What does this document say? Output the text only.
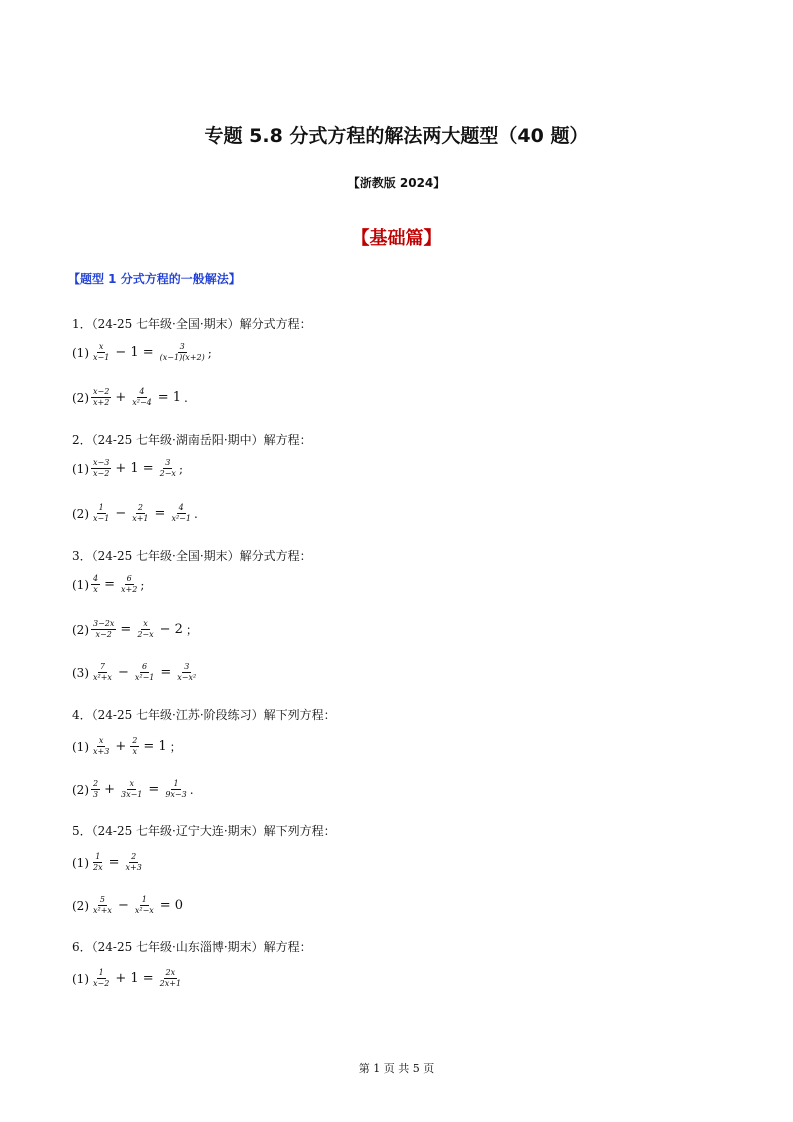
专题 5.8 分式方程的解法两大题型（40 题）
【浙教版 2024】
【基础篇】
【题型 1 分式方程的一般解法】
1．（24-25 七年级·全国·期末）解分式方程：
$(1) \frac{x}{x-1} - 1 = \frac{3}{(x-1)(x+2)}$ ;
$(2) \frac{x-2}{x+2} + \frac{4}{\text{x²−4}} = 1$ .
2．（24-25 七年级·湖南岳阳·期中）解方程：
$(1) \frac{x-3}{x-2} + 1 = \frac{3}{2-x}$ ;
$(2) \frac{1}{x-1} - \frac{2}{x+1} = \frac{4}{\text{x²−1}}$ .
3．（24-25 七年级·全国·期末）解分式方程：
$(1) \frac{4}{x} = \frac{6}{x+2}$ ;
$(2) \frac{3-2x}{x-2} = \frac{x}{2-x} - 2$ ；
$(3) \frac{7}{\text{x²+x}} - \frac{6}{\text{x²−1}} = \frac{3}{\text{x−x²}}$
4．（24-25 七年级·江苏·阶段练习）解下列方程：
$(1) \frac{x}{x+3} + \frac{2}{x} = 1$ ；
$(2) \frac{2}{3} + \frac{x}{3x-1} = \frac{1}{9x-3}$ .
5．（24-25 七年级·辽宁大连·期末）解下列方程：
$(1) \frac{1}{2x} = \frac{2}{x+3}$
$(2) \frac{5}{\text{x²+x}} - \frac{1}{\text{x²−x}} = 0$
6．（24-25 七年级·山东淄博·期末）解方程：
$(1) \frac{1}{x-2} + 1 = \frac{2x}{2x+1}$
第 1 页 共 5 页
